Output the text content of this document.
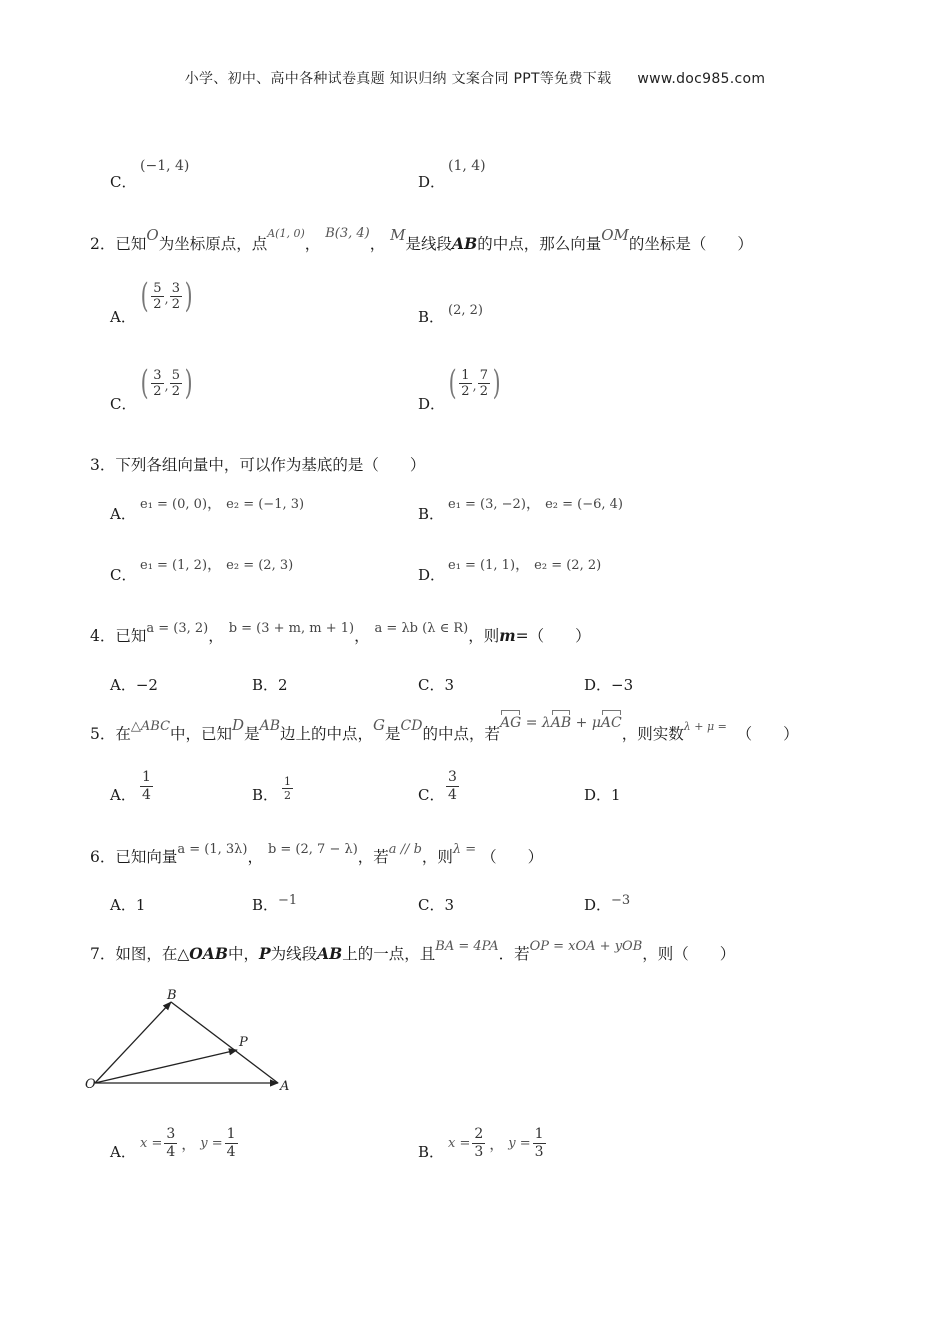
小学、初中、高中各种试卷真题 知识归纳 文案合同 PPT等免费下载 www.doc985.com
C．
(−1, 4)
D．
(1, 4)
2．已知O为坐标原点，点$^{A(1, 0)}$， $^{B(3, 4)}$， M是线段AB的中点，那么向量OM的坐标是（　　）
A．
( $\frac{5}{2}$ , $\frac{3}{2}$ )
B． (2, 2)
C．
( $\frac{3}{2}$ , $\frac{5}{2}$ )
D．
( $\frac{1}{2}$ , $\frac{7}{2}$ )
3．下列各组向量中，可以作为基底的是（　　）
A．
e₁ = (0, 0)， e₂ = (−1, 3)
B．
e₁ = (3, −2)， e₂ = (−6, 4)
C．
e₁ = (1, 2)， e₂ = (2, 3)
D．
e₁ = (1, 1)， e₂ = (2, 2)
4．已知$^{a = (3, 2)}$， $^{b = (3 + m, m + 1)}$， $^{a = \lambda b (\lambda \in R)}$，则m=（　　）
A．−2	B．2	C．3	D．−3
5．在$^{\triangle ABC}$中，已知D是AB边上的中点，G是CD的中点，若AG = λAB + μAC，则实数$^{\lambda + \mu =}$ （　　）
A． $\frac{1}{4}$	B． $\frac{1}{2}$	C． $\frac{3}{4}$	D．1
6．已知向量$^{a = (1, 3\lambda)}$， $^{b = (2, 7 - \lambda)}$，若$^{a // b}$，则$^{\lambda =}$ （　　）
A．1	B．−1	C．3	D．−3
7．如图，在△OAB中，P为线段AB上的一点，且$^{BA = 4PA}$．若$^{OP = xOA + yOB}$，则（　　）
O	A
B
P
A． $x = \frac{3}{4}$ ， $y = \frac{1}{4}$	B． $x = \frac{2}{3}$ ， $y = \frac{1}{3}$
